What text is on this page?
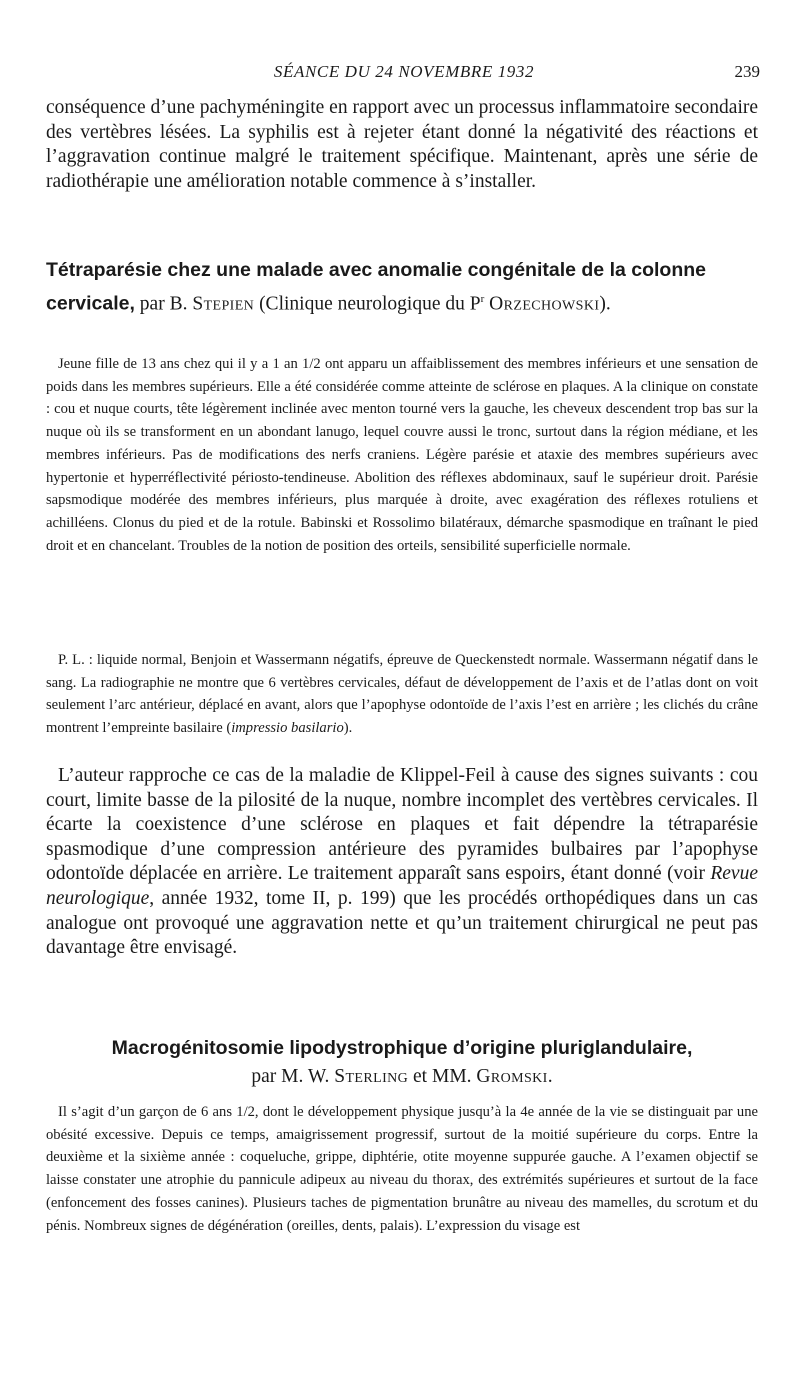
SÉANCE DU 24 NOVEMBRE 1932	239

conséquence d’une pachyméningite en rapport avec un processus inflammatoire secondaire des vertèbres lésées. La syphilis est à rejeter étant donné la négativité des réactions et l’aggravation continue malgré le traitement spécifique. Maintenant, après une série de radiothérapie une amélioration notable commence à s’installer.

Tétraparésie chez une malade avec anomalie congénitale de la colonne cervicale, par B. Stepien (Clinique neurologique du $P^r$ Orzechowski).

Jeune fille de 13 ans chez qui il y a 1 an 1/2 ont apparu un affaiblissement des membres inférieurs et une sensation de poids dans les membres supérieurs. Elle a été considérée comme atteinte de sclérose en plaques. A la clinique on constate : cou et nuque courts, tête légèrement inclinée avec menton tourné vers la gauche, les cheveux descendent trop bas sur la nuque où ils se transforment en un abondant lanugo, lequel couvre aussi le tronc, surtout dans la région médiane, et les membres inférieurs. Pas de modifications des nerfs craniens. Légère parésie et ataxie des membres supérieurs avec hypertonie et hyperréflectivité périosto-tendineuse. Abolition des réflexes abdominaux, sauf le supérieur droit. Parésie sapsmodique modérée des membres inférieurs, plus marquée à droite, avec exagération des réflexes rotuliens et achilléens. Clonus du pied et de la rotule. Babinski et Rossolimo bilatéraux, démarche spasmodique en traînant le pied droit et en chancelant. Troubles de la notion de position des orteils, sensibilité superficielle normale.

P. L. : liquide normal, Benjoin et Wassermann négatifs, épreuve de Queckenstedt normale. Wassermann négatif dans le sang. La radiographie ne montre que 6 vertèbres cervicales, défaut de développement de l’axis et de l’atlas dont on voit seulement l’arc antérieur, déplacé en avant, alors que l’apophyse odontoïde de l’axis l’est en arrière ; les clichés du crâne montrent l’empreinte basilaire (impressio basilario).

L’auteur rapproche ce cas de la maladie de Klippel-Feil à cause des signes suivants : cou court, limite basse de la pilosité de la nuque, nombre incomplet des vertèbres cervicales. Il écarte la coexistence d’une sclérose en plaques et fait dépendre la tétraparésie spasmodique d’une compression antérieure des pyramides bulbaires par l’apophyse odontoïde déplacée en arrière. Le traitement apparaît sans espoirs, étant donné (voir Revue neurologique, année 1932, tome II, p. 199) que les procédés orthopédiques dans un cas analogue ont provoqué une aggravation nette et qu’un traitement chirurgical ne peut pas davantage être envisagé.

Macrogénitosomie lipodystrophique d’origine pluriglandulaire,
par M. W. Sterling et MM. Gromski.

Il s’agit d’un garçon de 6 ans 1/2, dont le développement physique jusqu’à la 4e année de la vie se distinguait par une obésité excessive. Depuis ce temps, amaigrissement progressif, surtout de la moitié supérieure du corps. Entre la deuxième et la sixième année : coqueluche, grippe, diphtérie, otite moyenne suppurée gauche. A l’examen objectif se laisse constater une atrophie du pannicule adipeux au niveau du thorax, des extrémités supérieures et surtout de la face (enfoncement des fosses canines). Plusieurs taches de pigmentation brunâtre au niveau des mamelles, du scrotum et du pénis. Nombreux signes de dégénération (oreilles, dents, palais). L’expression du visage est
